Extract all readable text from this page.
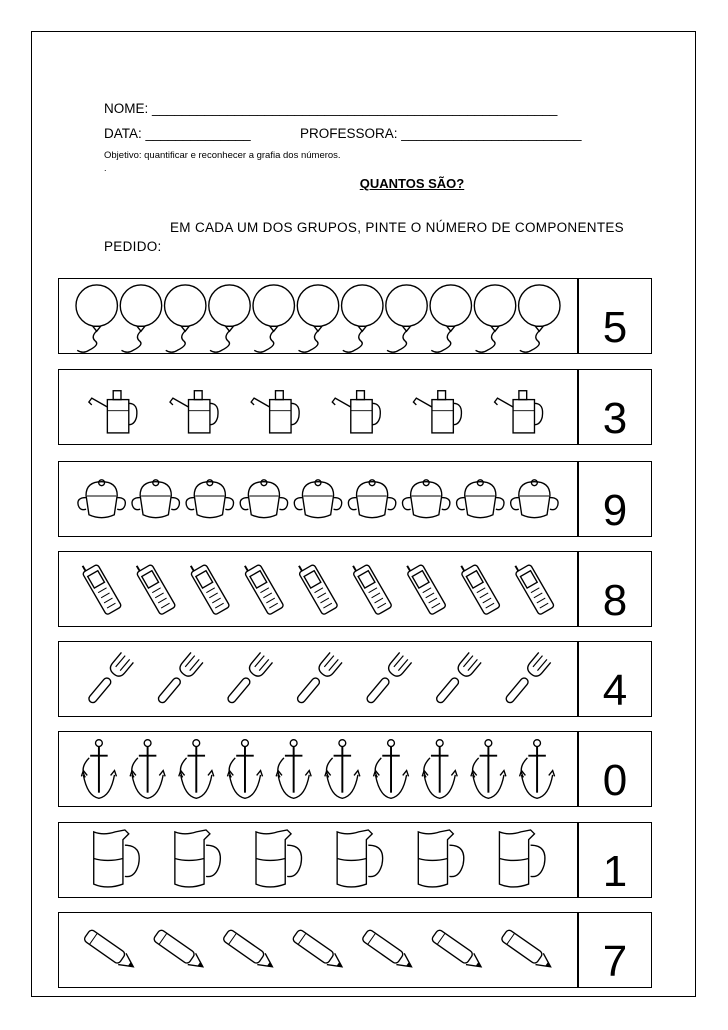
NOME: ______________________________________________________
DATA: ______________	PROFESSORA: ________________________
Objetivo: quantificar e reconhecer a grafia dos números.
.
QUANTOS SÃO?
EM CADA UM DOS GRUPOS, PINTE O NÚMERO DE COMPONENTES PEDIDO:
5
3
9
8
4
0
1
7
